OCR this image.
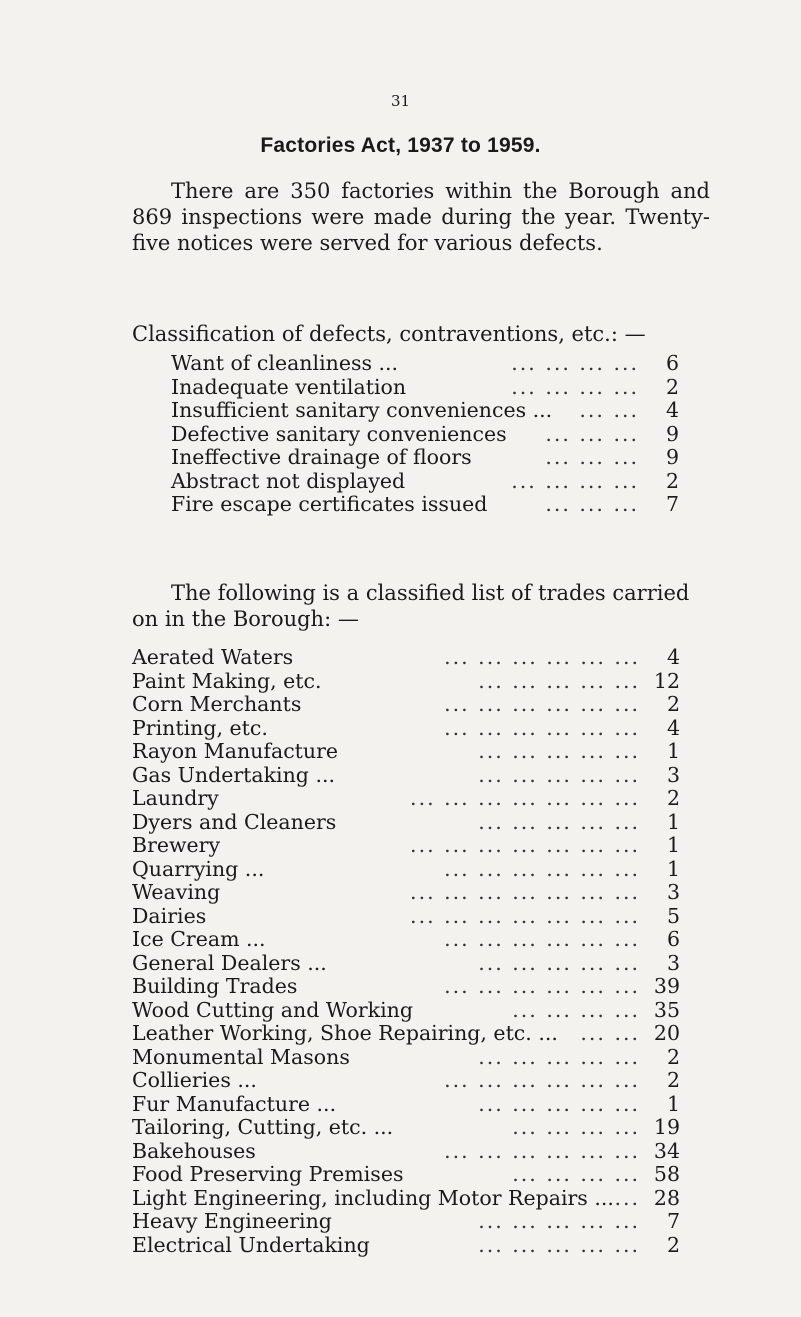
31
Factories Act, 1937 to 1959.

There are 350 factories within the Borough and 869 inspections were made during the year. Twenty-five notices were served for various defects.

Classification of defects, contraventions, etc.: —

Want of cleanliness ...	... ... ... ...	6
Inadequate ventilation	... ... ... ...	2
Insufficient sanitary conveniences ... ... ...	4
Defective sanitary conveniences ... ... ...	9
Ineffective drainage of floors	... ... ...	9
Abstract not displayed	... ... ... ...	2
Fire escape certificates issued	... ... ...	7

The following is a classified list of trades carried on in the Borough: —

Aerated Waters	... ... ... ... ... ...	4
Paint Making, etc.	... ... ... ... ... 12
Corn Merchants	... ... ... ... ... ...	2
Printing, etc.	... ... ... ... ... ...	4
Rayon Manufacture	... ... ... ... ...	1
Gas Undertaking ...	... ... ... ... ...	3
Laundry	... ... ... ... ... ... ...	2
Dyers and Cleaners	... ... ... ... ...	1
Brewery	... ... ... ... ... ... ...	1
Quarrying ...	... ... ... ... ... ...	1
Weaving	... ... ... ... ... ... ...	3
Dairies	... ... ... ... ... ... ...	5
Ice Cream ...	... ... ... ... ... ...	6
General Dealers ...	... ... ... ... ...	3
Building Trades	... ... ... ... ... ... 39
Wood Cutting and Working	... ... ... ... 35
Leather Working, Shoe Repairing, etc. ... ... ... 20
Monumental Masons	... ... ... ... ...	2
Collieries ...	... ... ... ... ... ...	2
Fur Manufacture ...	... ... ... ... ...	1
Tailoring, Cutting, etc. ...	... ... ... ... 19
Bakehouses	... ... ... ... ... ... 34
Food Preserving Premises	... ... ... ... 58
Light Engineering, including Motor Repairs ... ... 28
Heavy Engineering	... ... ... ... ...	7
Electrical Undertaking	... ... ... ... ...	2
